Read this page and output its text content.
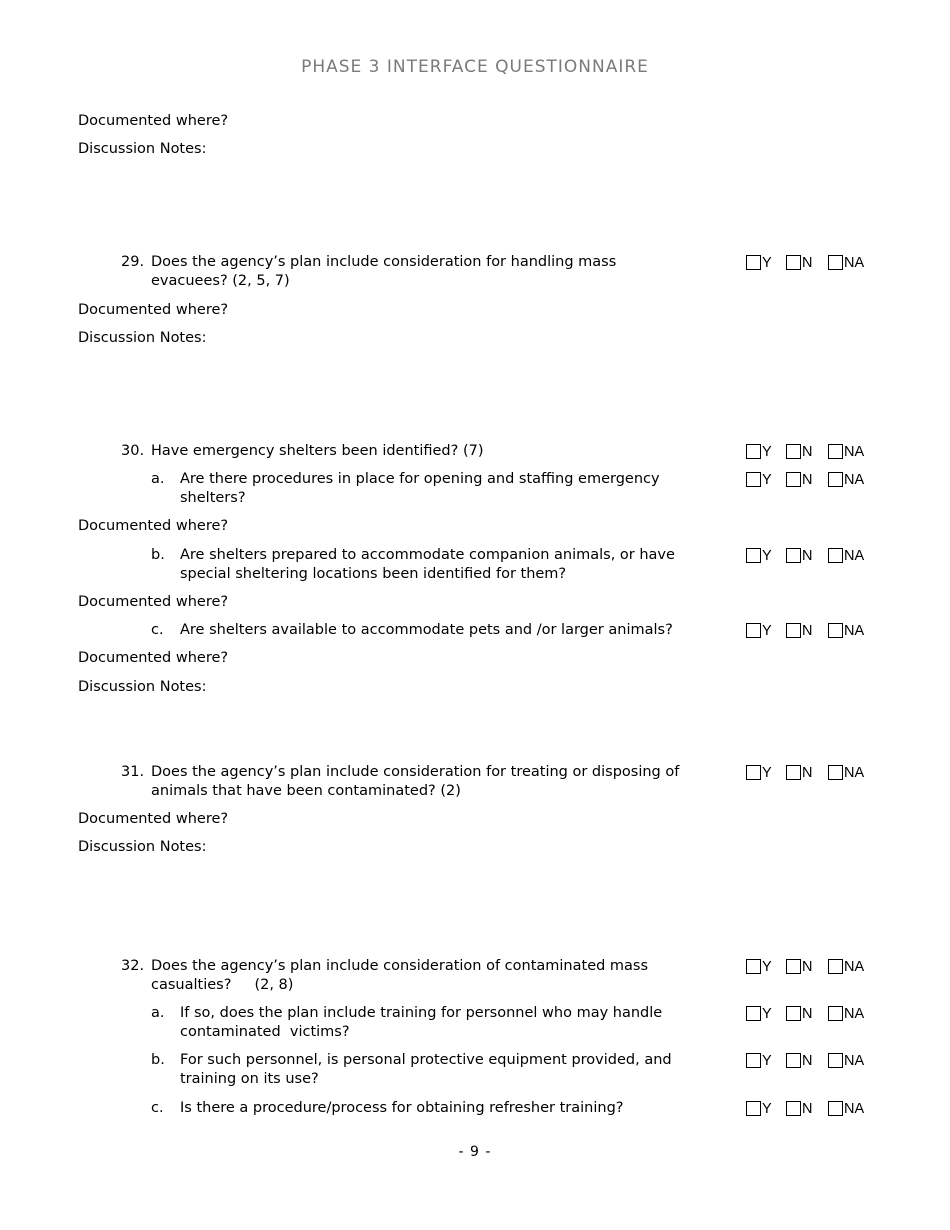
PHASE 3 INTERFACE QUESTIONNAIRE
Documented where?
Discussion Notes:
29. Does the agency’s plan include consideration for handling mass
evacuees? (2, 5, 7)
Y N NA
Documented where?
Discussion Notes:
30. Have emergency shelters been identified? (7)	Y N NA
a. Are there procedures in place for opening and staffing emergency
shelters?
Y N NA
Documented where?
b. Are shelters prepared to accommodate companion animals, or have
special sheltering locations been identified for them?
Y N NA
Documented where?
c. Are shelters available to accommodate pets and /or larger animals?	Y N NA
Documented where?
Discussion Notes:
31. Does the agency’s plan include consideration for treating or disposing of
animals that have been contaminated? (2)
Y N NA
Documented where?
Discussion Notes:
32. Does the agency’s plan include consideration of contaminated mass
casualties?     (2, 8)
Y N NA
a. If so, does the plan include training for personnel who may handle
contaminated  victims?
Y N NA
b. For such personnel, is personal protective equipment provided, and
training on its use?
Y N NA
c. Is there a procedure/process for obtaining refresher training?	Y N NA
- 9 -
